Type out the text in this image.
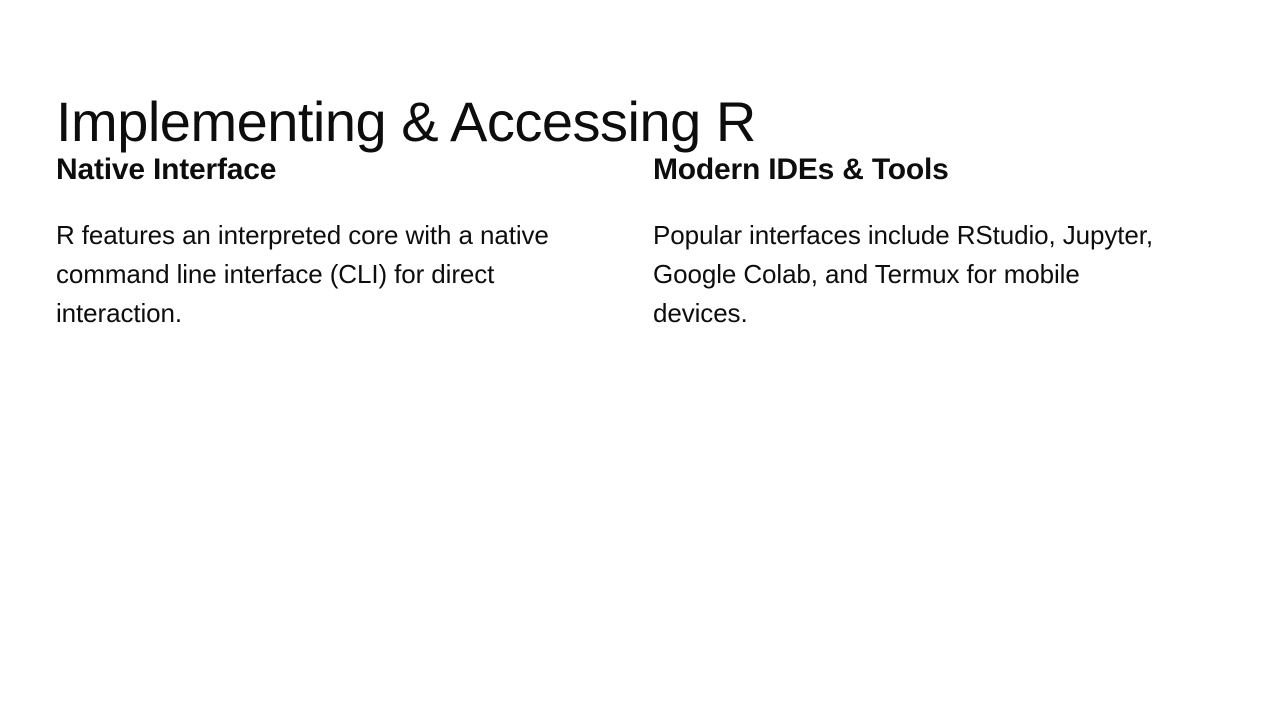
Implementing & Accessing R
Native Interface

R features an interpreted core with a native command line interface (CLI) for direct interaction.

Modern IDEs & Tools

Popular interfaces include RStudio, Jupyter, Google Colab, and Termux for mobile devices.
